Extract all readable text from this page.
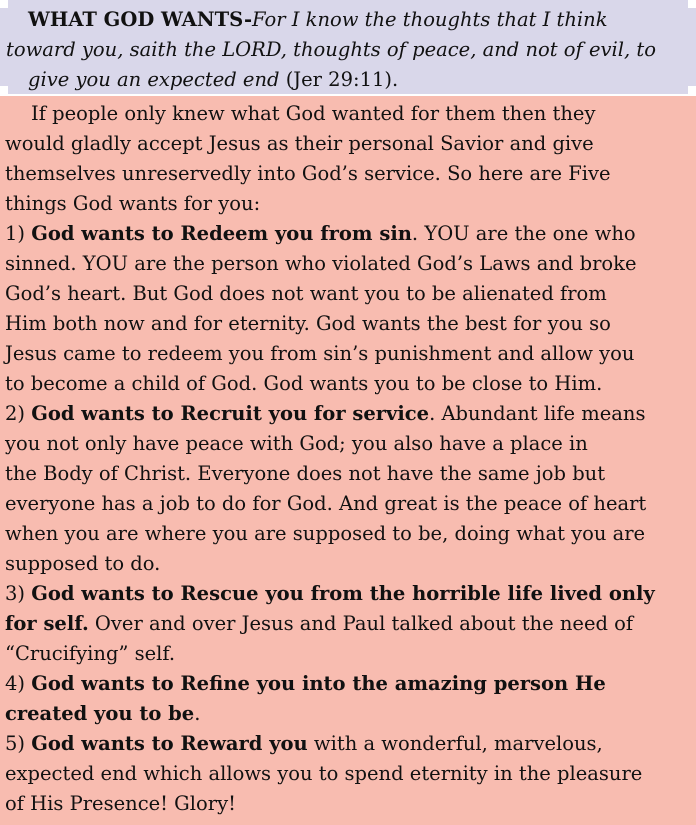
WHAT GOD WANTS-For I know the thoughts that I think
toward you, saith the LORD, thoughts of peace, and not of evil, to
give you an expected end (Jer 29:11).
If people only knew what God wanted for them then they
would gladly accept Jesus as their personal Savior and give
themselves unreservedly into God’s service. So here are Five
things God wants for you:
1) God wants to Redeem you from sin. YOU are the one who
sinned. YOU are the person who violated God’s Laws and broke
God’s heart. But God does not want you to be alienated from
Him both now and for eternity. God wants the best for you so
Jesus came to redeem you from sin’s punishment and allow you
to become a child of God. God wants you to be close to Him.
2) God wants to Recruit you for service. Abundant life means
you not only have peace with God; you also have a place in
the Body of Christ. Everyone does not have the same job but
everyone has a job to do for God. And great is the peace of heart
when you are where you are supposed to be, doing what you are
supposed to do.
3) God wants to Rescue you from the horrible life lived only
for self. Over and over Jesus and Paul talked about the need of
“Crucifying” self.
4) God wants to Refine you into the amazing person He
created you to be.
5) God wants to Reward you with a wonderful, marvelous,
expected end which allows you to spend eternity in the pleasure
of His Presence! Glory!
